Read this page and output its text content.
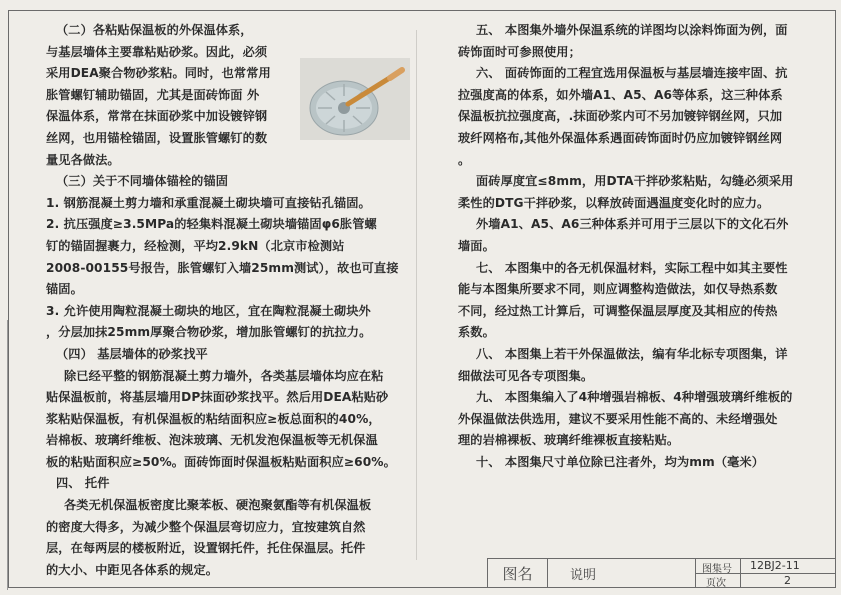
（二）各粘贴保温板的外保温体系，

与基层墙体主要靠粘贴砂浆。因此，必须

采用DEA聚合物砂浆粘。同时，也常常用

胀管螺钉辅助锚固，尤其是面砖饰面 外

保温体系，常常在抹面砂浆中加设镀锌钢

丝网，也用锚栓锚固，设置胀管螺钉的数

量见各做法。

（三）关于不同墙体锚栓的锚固

1. 钢筋混凝土剪力墙和承重混凝土砌块墙可直接钻孔锚固。

2. 抗压强度≥3.5MPa的轻集料混凝土砌块墙锚固φ6胀管螺

钉的锚固握裹力，经检测，平均2.9kN（北京市检测站

2008-00155号报告，胀管螺钉入墙25mm测试），故也可直接

锚固。

3. 允许使用陶粒混凝土砌块的地区，宜在陶粒混凝土砌块外

，分层加抹25mm厚聚合物砂浆，增加胀管螺钉的抗拉力。

（四） 基层墙体的砂浆找平

除已经平整的钢筋混凝土剪力墙外，各类基层墙体均应在粘

贴保温板前，将基层墙用DP抹面砂浆找平。然后用DEA粘贴砂

浆粘贴保温板，有机保温板的粘结面积应≥板总面积的40%，

岩棉板、玻璃纤维板、泡沫玻璃、无机发泡保温板等无机保温

板的粘贴面积应≥50%。面砖饰面时保温板粘贴面积应≥60%。

四、 托件

各类无机保温板密度比聚苯板、硬泡聚氨酯等有机保温板

的密度大得多，为减少整个保温层弯切应力，宜按建筑自然

层，在每两层的楼板附近，设置钢托件，托住保温层。托件

的大小、中距见各体系的规定。

五、 本图集外墙外保温系统的详图均以涂料饰面为例，面

砖饰面时可参照使用；

六、 面砖饰面的工程宜选用保温板与基层墙连接牢固、抗

拉强度高的体系，如外墙A1、A5、A6等体系，这三种体系

保温板抗拉强度高，.抹面砂浆内可不另加镀锌钢丝网，只加

玻纤网格布,其他外保温体系遇面砖饰面时仍应加镀锌钢丝网

。

面砖厚度宜≤8mm，用DTA干拌砂浆粘贴，勾缝必须采用

柔性的DTG干拌砂浆，以释放砖面遇温度变化时的应力。

外墙A1、A5、A6三种体系并可用于三层以下的文化石外

墙面。

七、 本图集中的各无机保温材料，实际工程中如其主要性

能与本图集所要求不同，则应调整构造做法，如仅导热系数

不同，经过热工计算后，可调整保温层厚度及其相应的传热

系数。

八、 本图集上若干外保温做法，编有华北标专项图集，详

细做法可见各专项图集。

九、 本图集编入了4种增强岩棉板、4种增强玻璃纤维板的

外保温做法供选用，建议不要采用性能不高的、未经增强处

理的岩棉裸板、玻璃纤维裸板直接粘贴。

十、 本图集尺寸单位除已注者外，均为mm（毫米）

图名	说明	图集号 12BJ2-11
页次	2
